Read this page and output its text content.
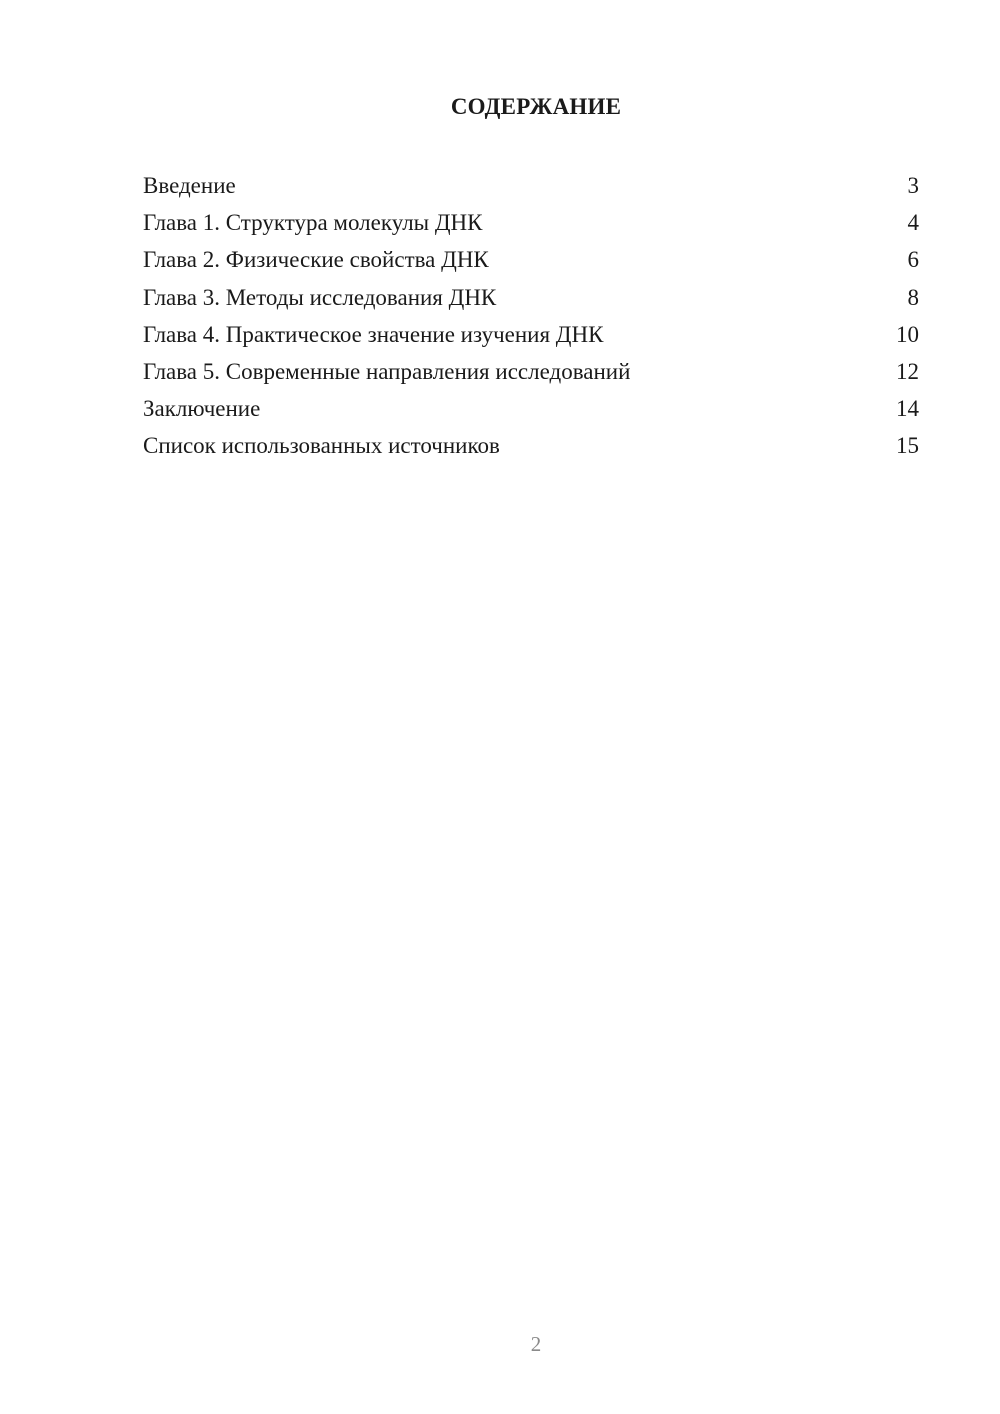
СОДЕРЖАНИЕ
Введение	3
Глава 1. Структура молекулы ДНК	4
Глава 2. Физические свойства ДНК	6
Глава 3. Методы исследования ДНК	8
Глава 4. Практическое значение изучения ДНК	10
Глава 5. Современные направления исследований	12
Заключение	14
Список использованных источников	15
2
